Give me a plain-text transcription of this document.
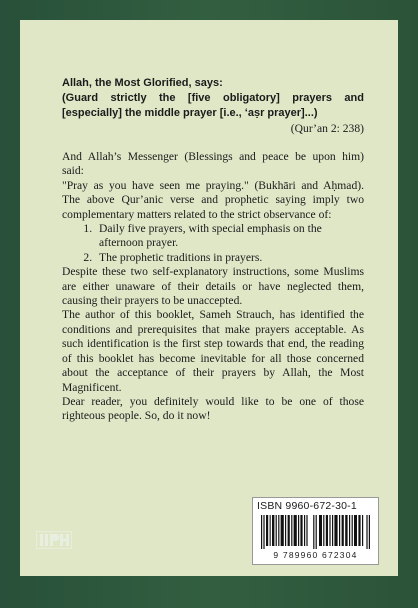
Allah, the Most Glorified, says:
(Guard strictly the [five obligatory] prayers and
[especially] the middle prayer [i.e., ‘aṣr prayer]...)
(Qur’an 2: 238)
And Allah’s Messenger (Blessings and peace be upon him)
said:
"Pray as you have seen me praying." (Bukhāri and Aḥmad).
The above Qur’anic verse and prophetic saying imply two
complementary matters related to the strict observance of:
1. Daily five prayers, with special emphasis on the afternoon prayer.
2. The prophetic traditions in prayers.

Despite these two self-explanatory instructions, some Muslims are either unaware of their details or have neglected them, causing their prayers to be unaccepted.

The author of this booklet, Sameh Strauch, has identified the conditions and prerequisites that make prayers acceptable. As such identification is the first step towards that end, the reading of this booklet has become inevitable for all those concerned about the acceptance of their prayers by Allah, the Most Magnificent.

Dear reader, you definitely would like to be one of those righteous people. So, do it now!

ISBN 9960-672-30-1
9 789960 672304
